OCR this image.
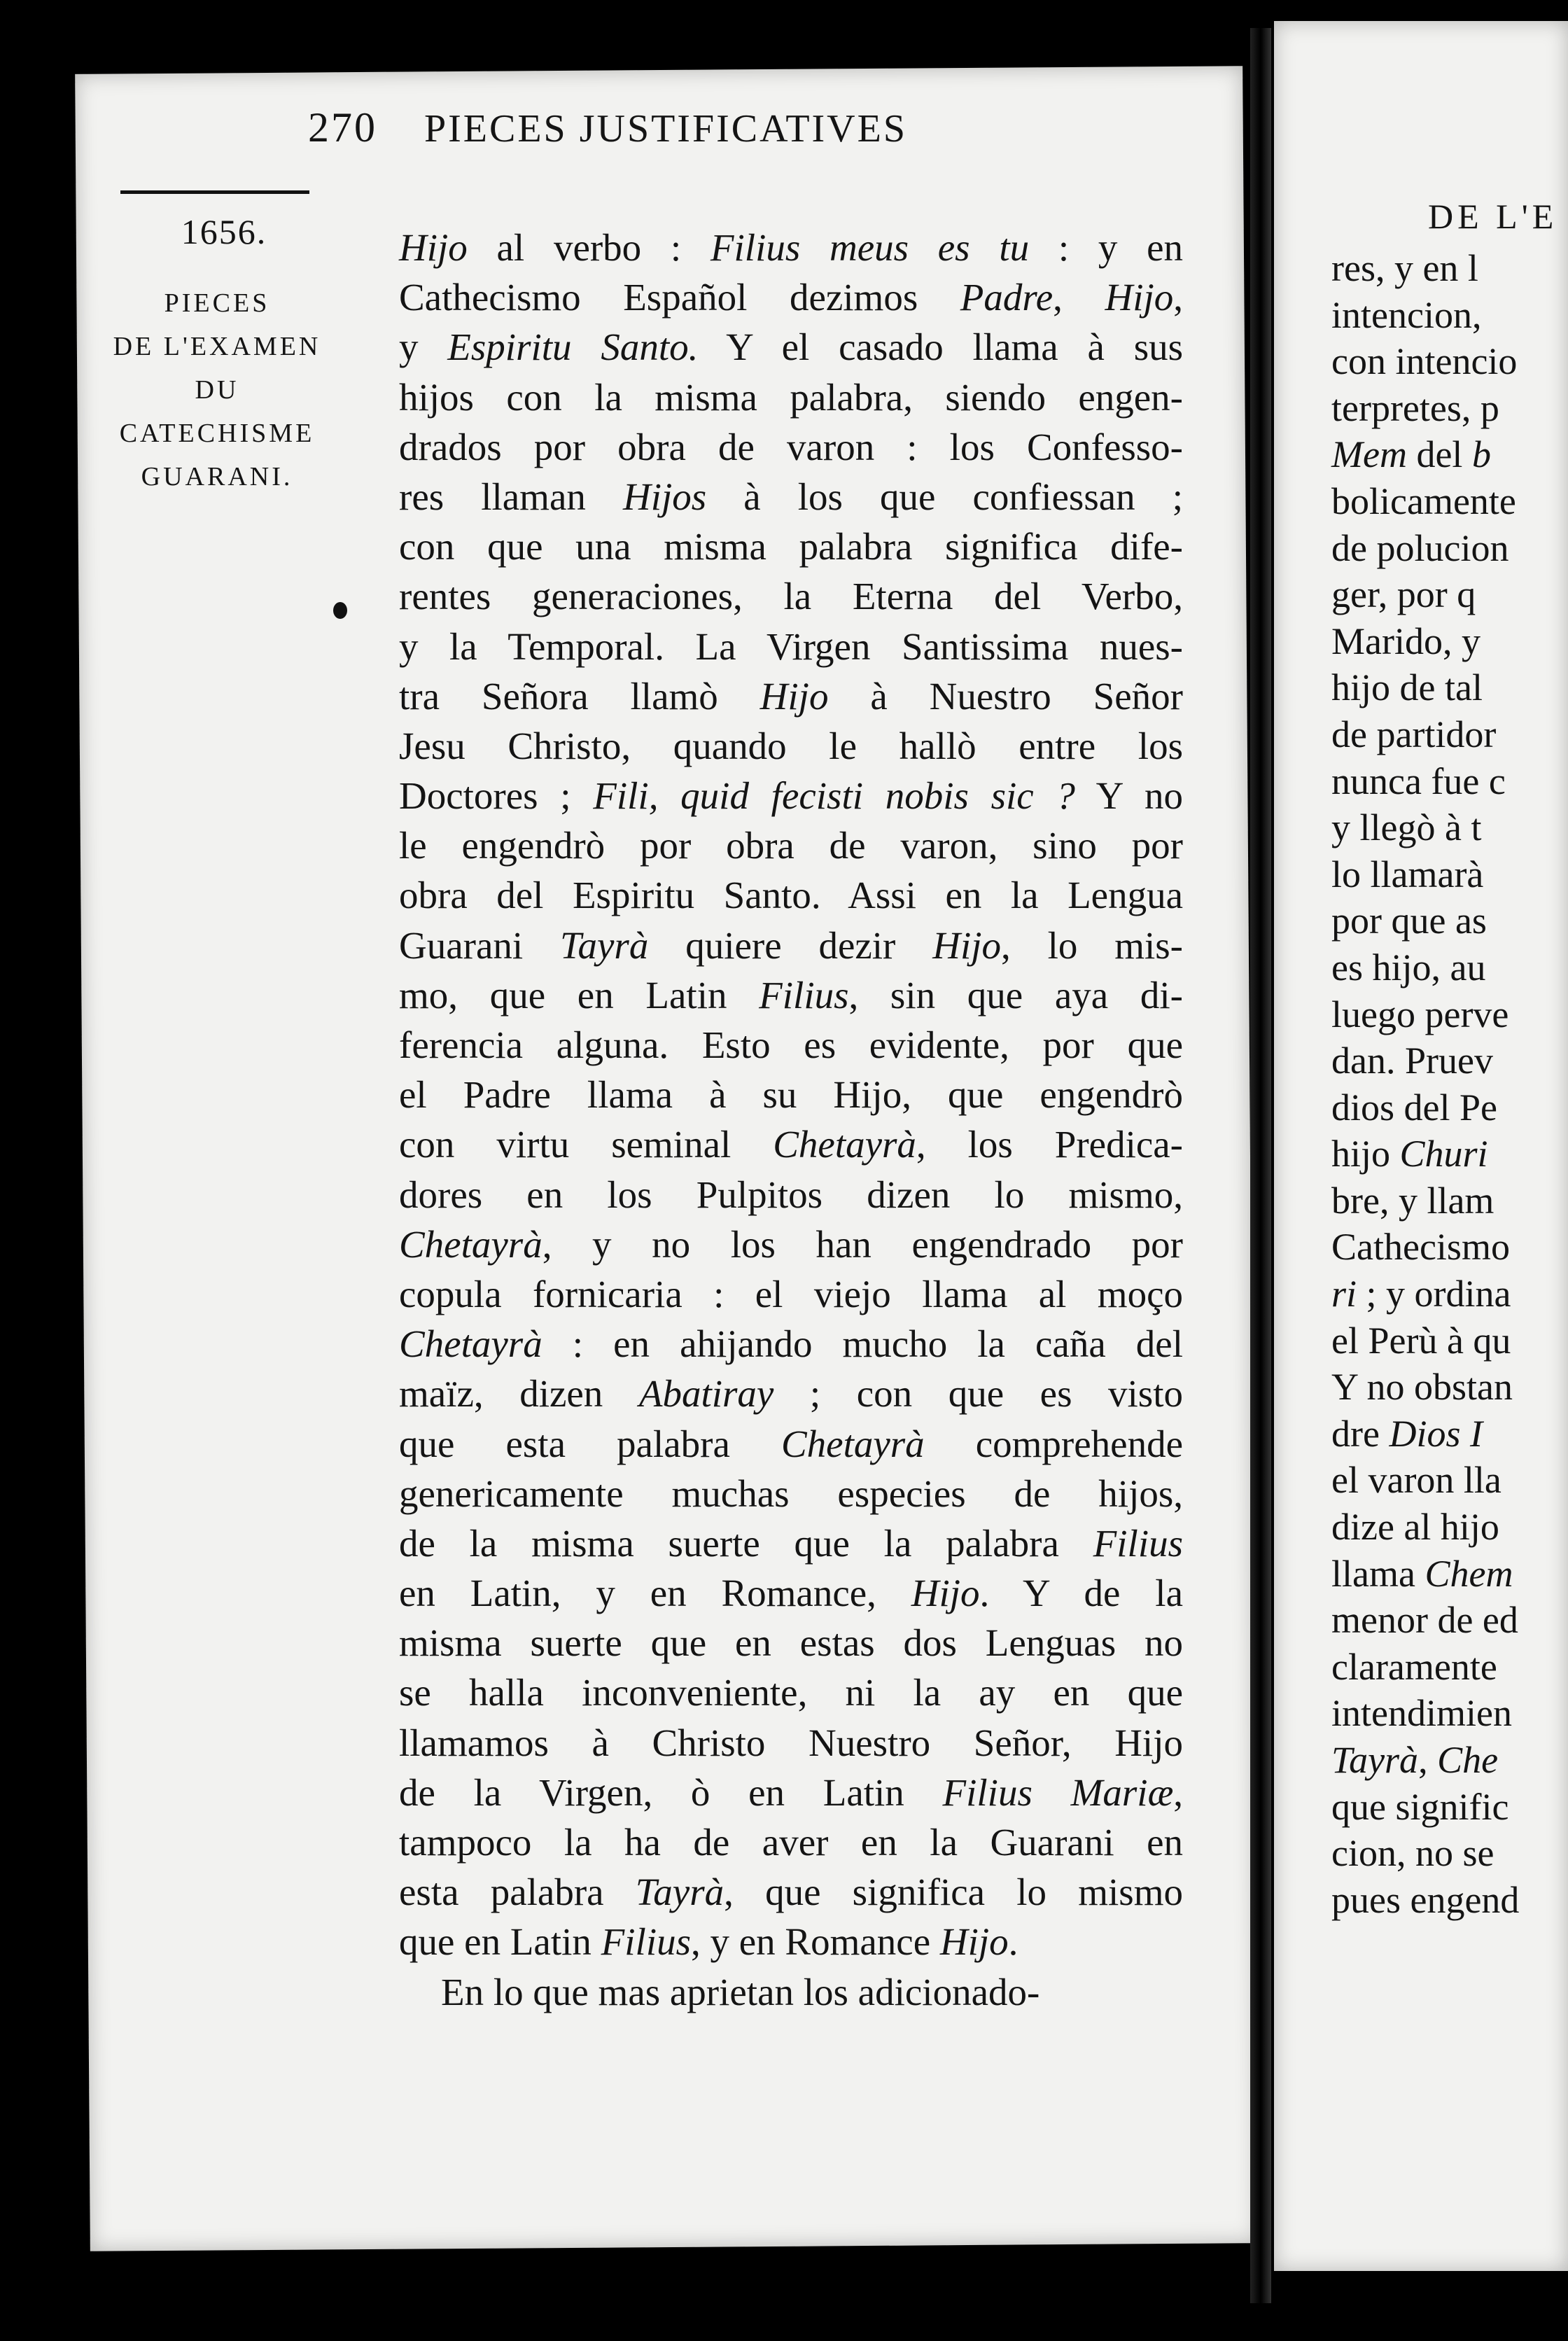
270 PIECES JUSTIFICATIVES
1656.
PIECES
DE L'EXAMEN
DU
CATECHISME
GUARANI.
Hijo al verbo : Filius meus es tu : y en
Cathecismo Español dezimos Padre, Hijo,
y Espiritu Santo. Y el casado llama à sus
hijos con la misma palabra, siendo engen-
drados por obra de varon : los Confesso-
res llaman Hijos à los que confiessan ;
con que una misma palabra significa dife-
rentes generaciones, la Eterna del Verbo,
y la Temporal. La Virgen Santissima nues-
tra Señora llamò Hijo à Nuestro Señor
Jesu Christo, quando le hallò entre los
Doctores ; Fili, quid fecisti nobis sic ? Y no
le engendrò por obra de varon, sino por
obra del Espiritu Santo. Assi en la Lengua
Guarani Tayrà quiere dezir Hijo, lo mis-
mo, que en Latin Filius, sin que aya di-
ferencia alguna. Esto es evidente, por que
el Padre llama à su Hijo, que engendrò
con virtu seminal Chetayrà, los Predica-
dores en los Pulpitos dizen lo mismo,
Chetayrà, y no los han engendrado por
copula fornicaria : el viejo llama al moço
Chetayrà : en ahijando mucho la caña del
maïz, dizen Abatiray ; con que es visto
que esta palabra Chetayrà comprehende
genericamente muchas especies de hijos,
de la misma suerte que la palabra Filius
en Latin, y en Romance, Hijo. Y de la
misma suerte que en estas dos Lenguas no
se halla inconveniente, ni la ay en que
llamamos à Christo Nuestro Señor, Hijo
de la Virgen, ò en Latin Filius Mariæ,
tampoco la ha de aver en la Guarani en
esta palabra Tayrà, que significa lo mismo
que en Latin Filius, y en Romance Hijo.
En lo que mas aprietan los adicionado-
DE L'E
res, y en l
intencion,
con intencio
terpretes, p
Mem del b
bolicamente
de polucion
ger, por q
Marido, y
hijo de tal
de partidor
nunca fue c
y llegò à t
lo llamarà
por que as
es hijo, au
luego perve
dan. Pruev
dios del Pe
hijo Churi
bre, y llam
Cathecismo
ri ; y ordina
el Perù à qu
Y no obstan
dre Dios I
el varon lla
dize al hijo
llama Chem
menor de ed
claramente
intendimien
Tayrà, Che
que signific
cion, no se
pues engend
